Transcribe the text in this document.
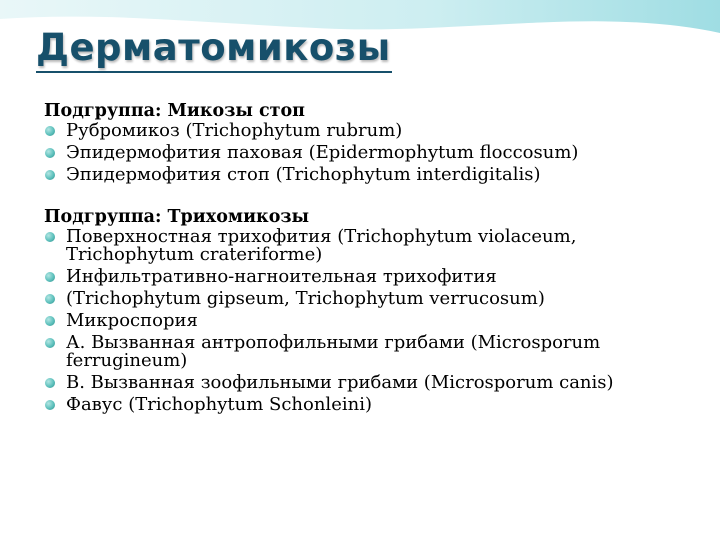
Дерматомикозы

Подгруппа: Микозы стоп

Рубромикоз (Trichophytum rubrum)
Эпидермофития паховая (Epidermophytum floccosum)
Эпидермофития стоп (Trichophytum interdigitalis)

Подгруппа: Трихомикозы

Поверхностная трихофития (Trichophytum violaceum, Trichophytum crateriforme)
Инфильтративно-нагноительная трихофития
(Trichophytum gipseum, Trichophytum verrucosum)
Микроспория
А. Вызванная антропофильными грибами (Microsporum ferrugineum)
В. Вызванная зоофильными грибами (Microsporum canis)
Фавус (Trichophytum Schonleini)
